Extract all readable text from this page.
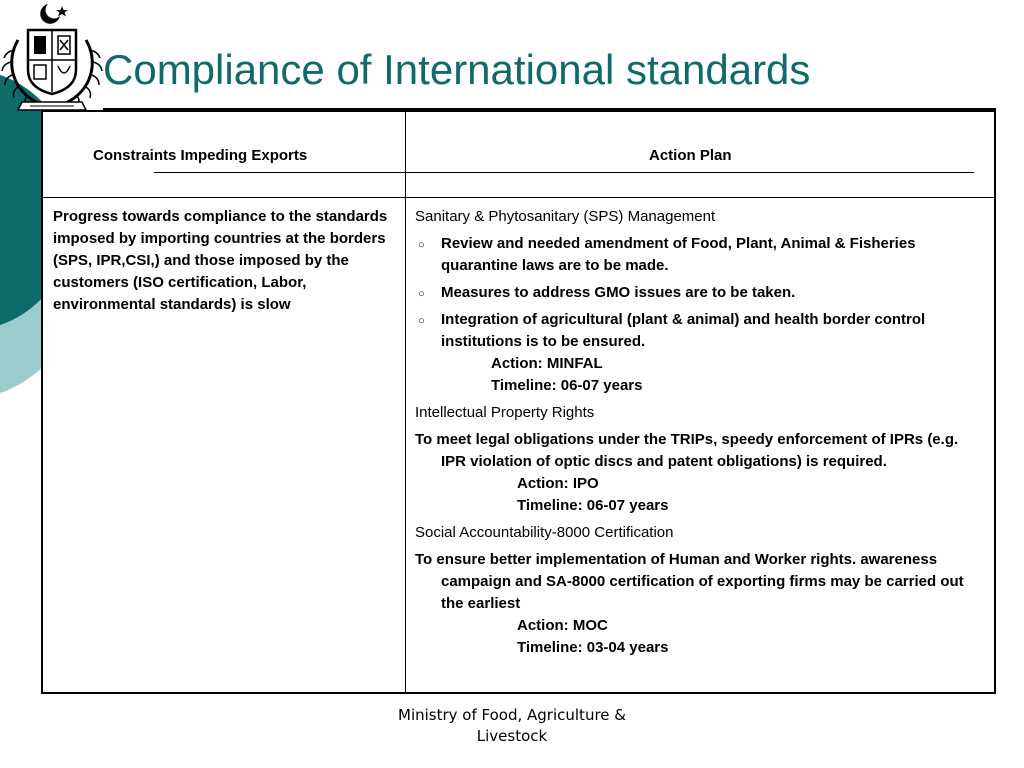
Compliance of International standards
Constraints Impeding Exports	Action Plan
Progress towards compliance to the standards imposed by importing countries at the borders (SPS, IPR,CSI,) and those imposed by the customers (ISO certification, Labor, environmental standards) is slow

Sanitary & Phytosanitary (SPS) Management

○ Review and needed amendment of Food, Plant, Animal & Fisheries quarantine laws are to be made.
○ Measures to address GMO issues are to be taken.
○ Integration of agricultural (plant & animal) and health border control institutions is to be ensured.
Action: MINFAL
Timeline: 06-07 years

Intellectual Property Rights

To meet legal obligations under the TRIPs, speedy enforcement of IPRs (e.g. IPR violation of optic discs and patent obligations) is required.
Action: IPO
Timeline: 06-07 years

Social Accountability-8000 Certification

To ensure better implementation of Human and Worker rights. awareness campaign and SA-8000 certification of exporting firms may be carried out the earliest
Action: MOC
Timeline: 03-04 years
Ministry of Food, Agriculture &
Livestock
